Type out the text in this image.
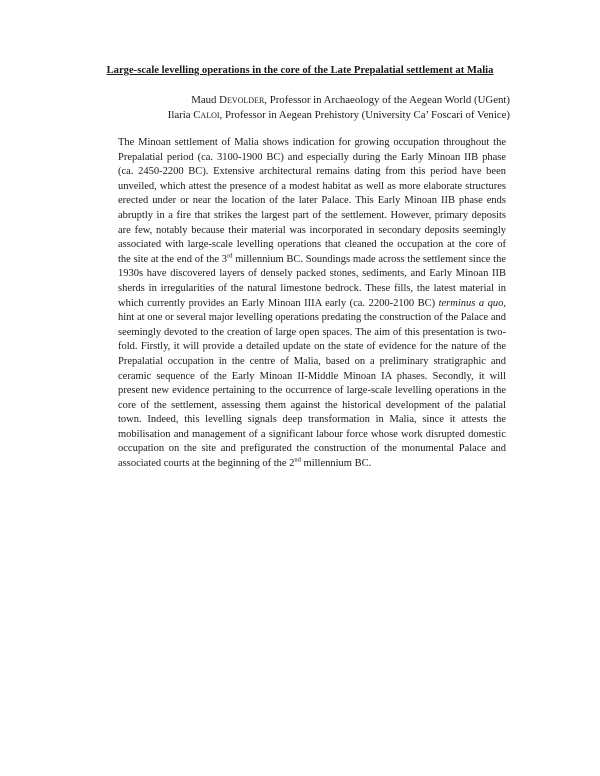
Large-scale levelling operations in the core of the Late Prepalatial settlement at Malia
Maud Devolder, Professor in Archaeology of the Aegean World (UGent)
Ilaria Caloi, Professor in Aegean Prehistory (University Ca’ Foscari of Venice)

The Minoan settlement of Malia shows indication for growing occupation throughout the Prepalatial period (ca. 3100-1900 BC) and especially during the Early Minoan IIB phase (ca. 2450-2200 BC). Extensive architectural remains dating from this period have been unveiled, which attest the presence of a modest habitat as well as more elaborate structures erected under or near the location of the later Palace. This Early Minoan IIB phase ends abruptly in a fire that strikes the largest part of the settlement. However, primary deposits are few, notably because their material was incorporated in secondary deposits seemingly associated with large-scale levelling operations that cleaned the occupation at the core of the site at the end of the 3rd millennium BC. Soundings made across the settlement since the 1930s have discovered layers of densely packed stones, sediments, and Early Minoan IIB sherds in irregularities of the natural limestone bedrock. These fills, the latest material in which currently provides an Early Minoan IIIA early (ca. 2200-2100 BC) terminus a quo, hint at one or several major levelling operations predating the construction of the Palace and seemingly devoted to the creation of large open spaces. The aim of this presentation is two-fold. Firstly, it will provide a detailed update on the state of evidence for the nature of the Prepalatial occupation in the centre of Malia, based on a preliminary stratigraphic and ceramic sequence of the Early Minoan II-Middle Minoan IA phases. Secondly, it will present new evidence pertaining to the occurrence of large-scale levelling operations in the core of the settlement, assessing them against the historical development of the palatial town. Indeed, this levelling signals deep transformation in Malia, since it attests the mobilisation and management of a significant labour force whose work disrupted domestic occupation on the site and prefigurated the construction of the monumental Palace and associated courts at the beginning of the 2nd millennium BC.
